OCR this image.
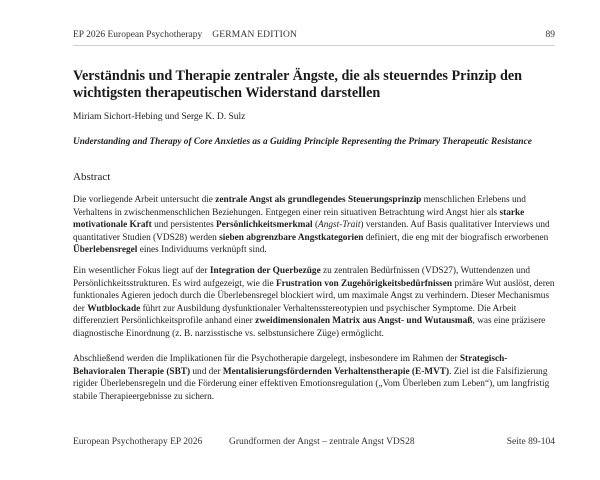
EP 2026 European Psychotherapy GERMAN EDITION	89
Verständnis und Therapie zentraler Ängste, die als steuerndes Prinzip den wichtigsten therapeutischen Widerstand darstellen
Miriam Sichort-Hebing und Serge K. D. Sulz
Understanding and Therapy of Core Anxieties as a Guiding Principle Representing the Primary Therapeutic Resistance
Abstract
Die vorliegende Arbeit untersucht die zentrale Angst als grundlegendes Steuerungsprinzip menschlichen Erlebens und Verhaltens in zwischenmenschlichen Beziehungen. Entgegen einer rein situativen Betrachtung wird Angst hier als starke motivationale Kraft und persistentes Persönlichkeitsmerkmal (Angst-Trait) verstanden. Auf Basis qualitativer Interviews und quantitativer Studien (VDS28) werden sieben abgrenzbare Angstkategorien definiert, die eng mit der biografisch erworbenen Überlebensregel eines Individuums verknüpft sind.
Ein wesentlicher Fokus liegt auf der Integration der Querbezüge zu zentralen Bedürfnissen (VDS27), Wuttendenzen und Persönlichkeitsstrukturen. Es wird aufgezeigt, wie die Frustration von Zugehörigkeitsbedürfnissen primäre Wut auslöst, deren funktionales Agieren jedoch durch die Überlebensregel blockiert wird, um maximale Angst zu verhindern. Dieser Mechanismus der Wutblockade führt zur Ausbildung dysfunktionaler Verhaltensstereotypien und psychischer Symptome. Die Arbeit differenziert Persönlichkeitsprofile anhand einer zweidimensionalen Matrix aus Angst- und Wutausmaß, was eine präzisere diagnostische Einordnung (z. B. narzisstische vs. selbstunsichere Züge) ermöglicht.
Abschließend werden die Implikationen für die Psychotherapie dargelegt, insbesondere im Rahmen der Strategisch-Behavioralen Therapie (SBT) und der Mentalisierungsfördernden Verhaltenstherapie (E-MVT). Ziel ist die Falsifizierung rigider Überlebensregeln und die Förderung einer effektiven Emotionsregulation („Vom Überleben zum Leben“), um langfristig stabile Therapieergebnisse zu sichern.
European Psychotherapy EP 2026	Grundformen der Angst – zentrale Angst VDS28	Seite 89-104
